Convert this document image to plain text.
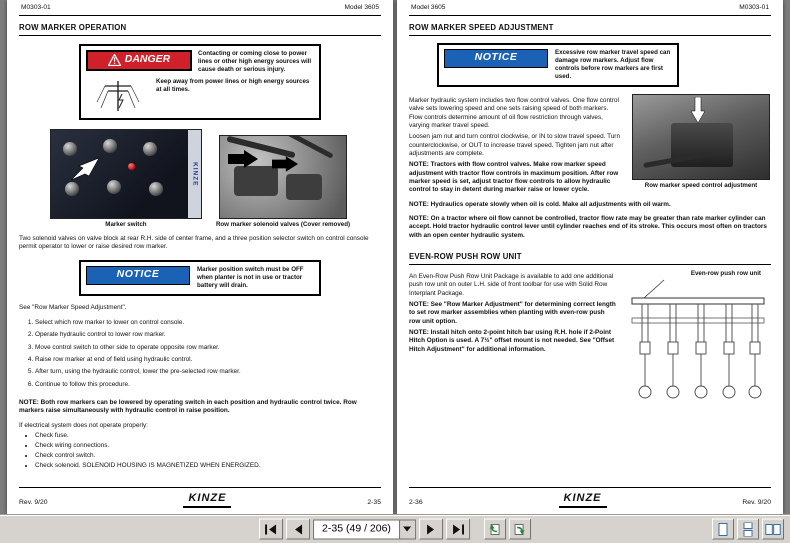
M0303-01	Model 3605
ROW MARKER OPERATION
DANGER
Contacting or coming close to power lines or other high energy sources will cause death or serious injury.
Keep away from power lines or high energy sources at all times.
KINZE
Marker switch	Row marker solenoid valves (Cover removed)

Two solenoid valves on valve block at rear R.H. side of center frame, and a three position selector switch on control console permit operator to lower or raise desired row marker.

NOTICE	Marker position switch must be OFF when planter is not in use or tractor battery will drain.

See "Row Marker Speed Adjustment".

1. Select which row marker to lower on control console.
2. Operate hydraulic control to lower row marker.
3. Move control switch to other side to operate opposite row marker.
4. Raise row marker at end of field using hydraulic control.
5. After turn, using the hydraulic control, lower the pre-selected row marker.
6. Continue to follow this procedure.

NOTE: Both row markers can be lowered by operating switch in each position and hydraulic control twice. Row markers raise simultaneously with hydraulic control in raise position.

If electrical system does not operate properly:

• Check fuse.
• Check wiring connections.
• Check control switch.
• Check solenoid. SOLENOID HOUSING IS MAGNETIZED WHEN ENERGIZED.
Rev. 9/20	KINZE	2-35
Model 3605	M0303-01
ROW MARKER SPEED ADJUSTMENT
NOTICE	Excessive row marker travel speed can damage row markers. Adjust flow controls before row markers are first used.

Marker hydraulic system includes two flow control valves. One flow control valve sets lowering speed and one sets raising speed of both markers. Flow controls determine amount of oil flow restriction through valves, varying marker travel speed.

Loosen jam nut and turn control clockwise, or IN to slow travel speed. Turn counterclockwise, or OUT to increase travel speed. Tighten jam nut after adjustments are complete.

NOTE: Tractors with flow control valves. Make row marker speed adjustment with tractor flow controls in maximum position. After row marker speed is set, adjust tractor flow controls to allow hydraulic control to stay in detent during marker raise or lower cycle.

Row marker speed control adjustment

NOTE: Hydraulics operate slowly when oil is cold. Make all adjustments with oil warm.

NOTE: On a tractor where oil flow cannot be controlled, tractor flow rate may be greater than rate marker cylinder can accept. Hold tractor hydraulic control lever until cylinder reaches end of its stroke. This occurs most often on tractors with an open center hydraulic system.

EVEN-ROW PUSH ROW UNIT

An Even-Row Push Row Unit Package is available to add one additional push row unit on outer L.H. side of front toolbar for use with Solid Row Interplant Package.

NOTE: See "Row Marker Adjustment" for determining correct length to set row marker assemblies when planting with even-row push row unit option.

NOTE: Install hitch onto 2-point hitch bar using R.H. hole if 2-Point Hitch Option is used. A 7½" offset mount is not needed. See "Offset Hitch Adjustment" for additional information.

Even-row push row unit
2-36	KINZE	Rev. 9/20
2-35 (49 / 206)
